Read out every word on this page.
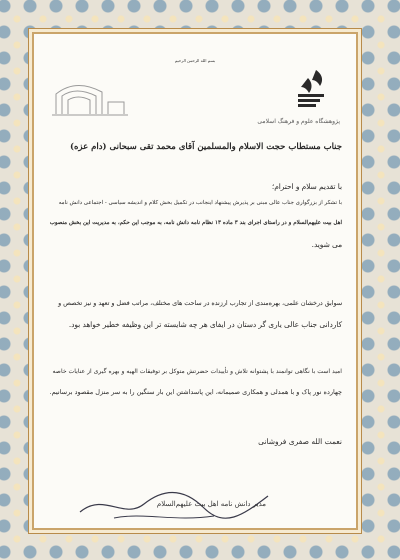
بسم الله الرحمن الرحيم
پژوهشگاه علوم و فرهنگ اسلامی
جناب مستطاب حجت الاسلام والمسلمین آقای محمد تقی سبحانی (دام عزه)
با تقدیم سلام و احترام؛
با تشکر از بزرگواری جناب عالی مبنی بر پذیرش پیشنهاد اینجانب در تکمیل بخش کلام و اندیشه سیاسی - اجتماعی دانش نامه
اهل بیت علیهم‌السلام و در راستای اجرای بند ۳ ماده ۱۳ نظام نامه دانش نامه، به موجب این حکم، به مدیریت این بخش منصوب
می شوید.
سوابق درخشان علمی، بهره‌مندی از تجارب ارزنده در ساحت های مختلف، مراتب فضل و تعهد و نیز تخصص و
کاردانی جناب عالی یاری گر دستان در ایفای هر چه شایسته تر این وظیفه خطیر خواهد بود.
امید است با نگاهی توانمند با پشتوانه تلاش و تأییدات حضرتش متوکل بر توفیقات الهیه و بهره گیری از عنایات خاصه
چهارده نور پاک و با همدلی و همکاری صمیمانه، این پاسداشتن این بار سنگین را به سر منزل مقصود برسانیم.
نعمت الله صفری فروشانی
مدیر دانش نامه اهل بیت علیهم‌السلام
